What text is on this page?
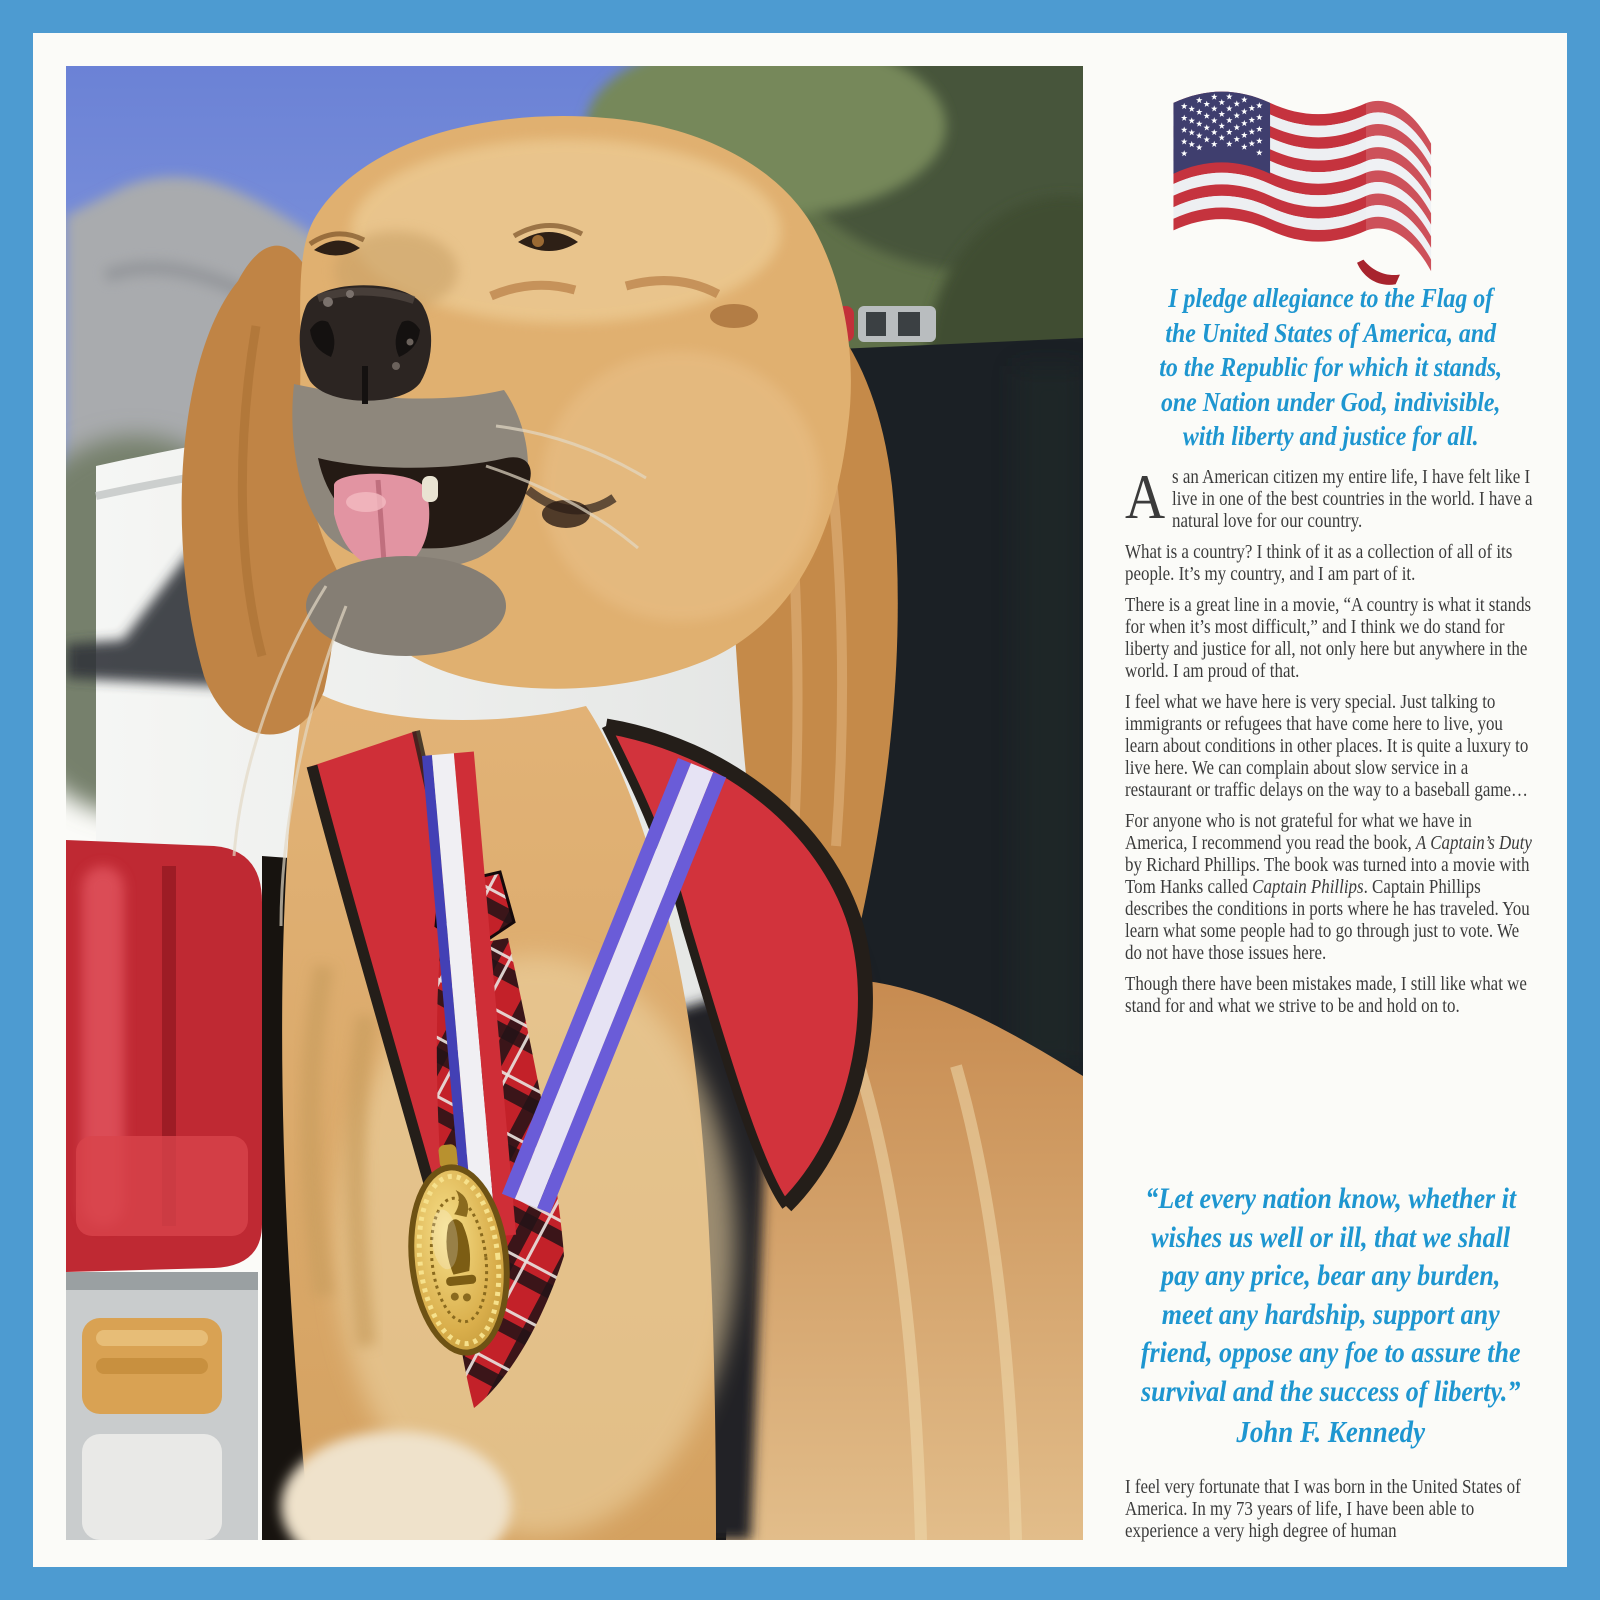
I pledge allegiance to the Flag of
the United States of America, and
to the Republic for which it stands,
one Nation under God, indivisible,
with liberty and justice for all.

As an American citizen my entire life, I have felt like I live in one of the best countries in the world. I have a natural love for our country.

What is a country? I think of it as a collection of all of its people. It’s my country, and I am part of it.

There is a great line in a movie, “A country is what it stands for when it’s most difficult,” and I think we do stand for liberty and justice for all, not only here but anywhere in the world. I am proud of that.

I feel what we have here is very special. Just talking to immigrants or refugees that have come here to live, you learn about conditions in other places. It is quite a luxury to live here. We can complain about slow service in a restaurant or traffic delays on the way to a baseball game…

For anyone who is not grateful for what we have in America, I recommend you read the book, A Captain’s Duty by Richard Phillips. The book was turned into a movie with Tom Hanks called Captain Phillips. Captain Phillips describes the conditions in ports where he has traveled. You learn what some people had to go through just to vote. We do not have those issues here.

Though there have been mistakes made, I still like what we stand for and what we strive to be and hold on to.

“Let every nation know, whether it
wishes us well or ill, that we shall
pay any price, bear any burden,
meet any hardship, support any
friend, oppose any foe to assure the
survival and the success of liberty.”
John F. Kennedy

I feel very fortunate that I was born in the United States of America. In my 73 years of life, I have been able to experience a very high degree of human
